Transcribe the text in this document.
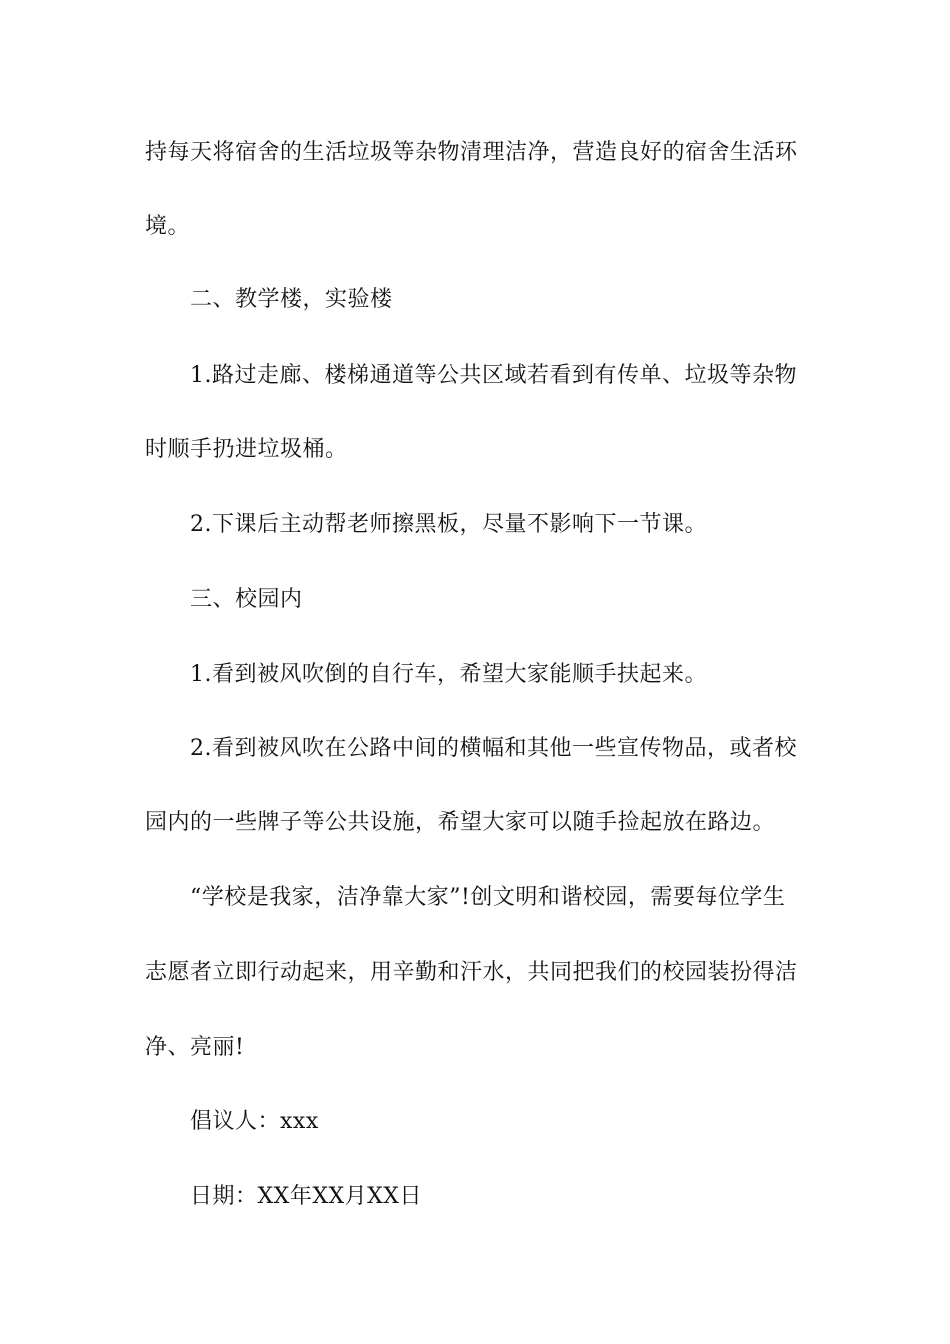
持每天将宿舍的生活垃圾等杂物清理洁净，营造良好的宿舍生活环
境。
二、教学楼，实验楼
1.路过走廊、楼梯通道等公共区域若看到有传单、垃圾等杂物
时顺手扔进垃圾桶。
2.下课后主动帮老师擦黑板，尽量不影响下一节课。
三、校园内
1.看到被风吹倒的自行车，希望大家能顺手扶起来。
2.看到被风吹在公路中间的横幅和其他一些宣传物品，或者校
园内的一些牌子等公共设施，希望大家可以随手捡起放在路边。
“学校是我家，洁净靠大家”!创文明和谐校园，需要每位学生
志愿者立即行动起来，用辛勤和汗水，共同把我们的校园装扮得洁
净、亮丽!
倡议人：xxx
日期：XX年XX月XX日
